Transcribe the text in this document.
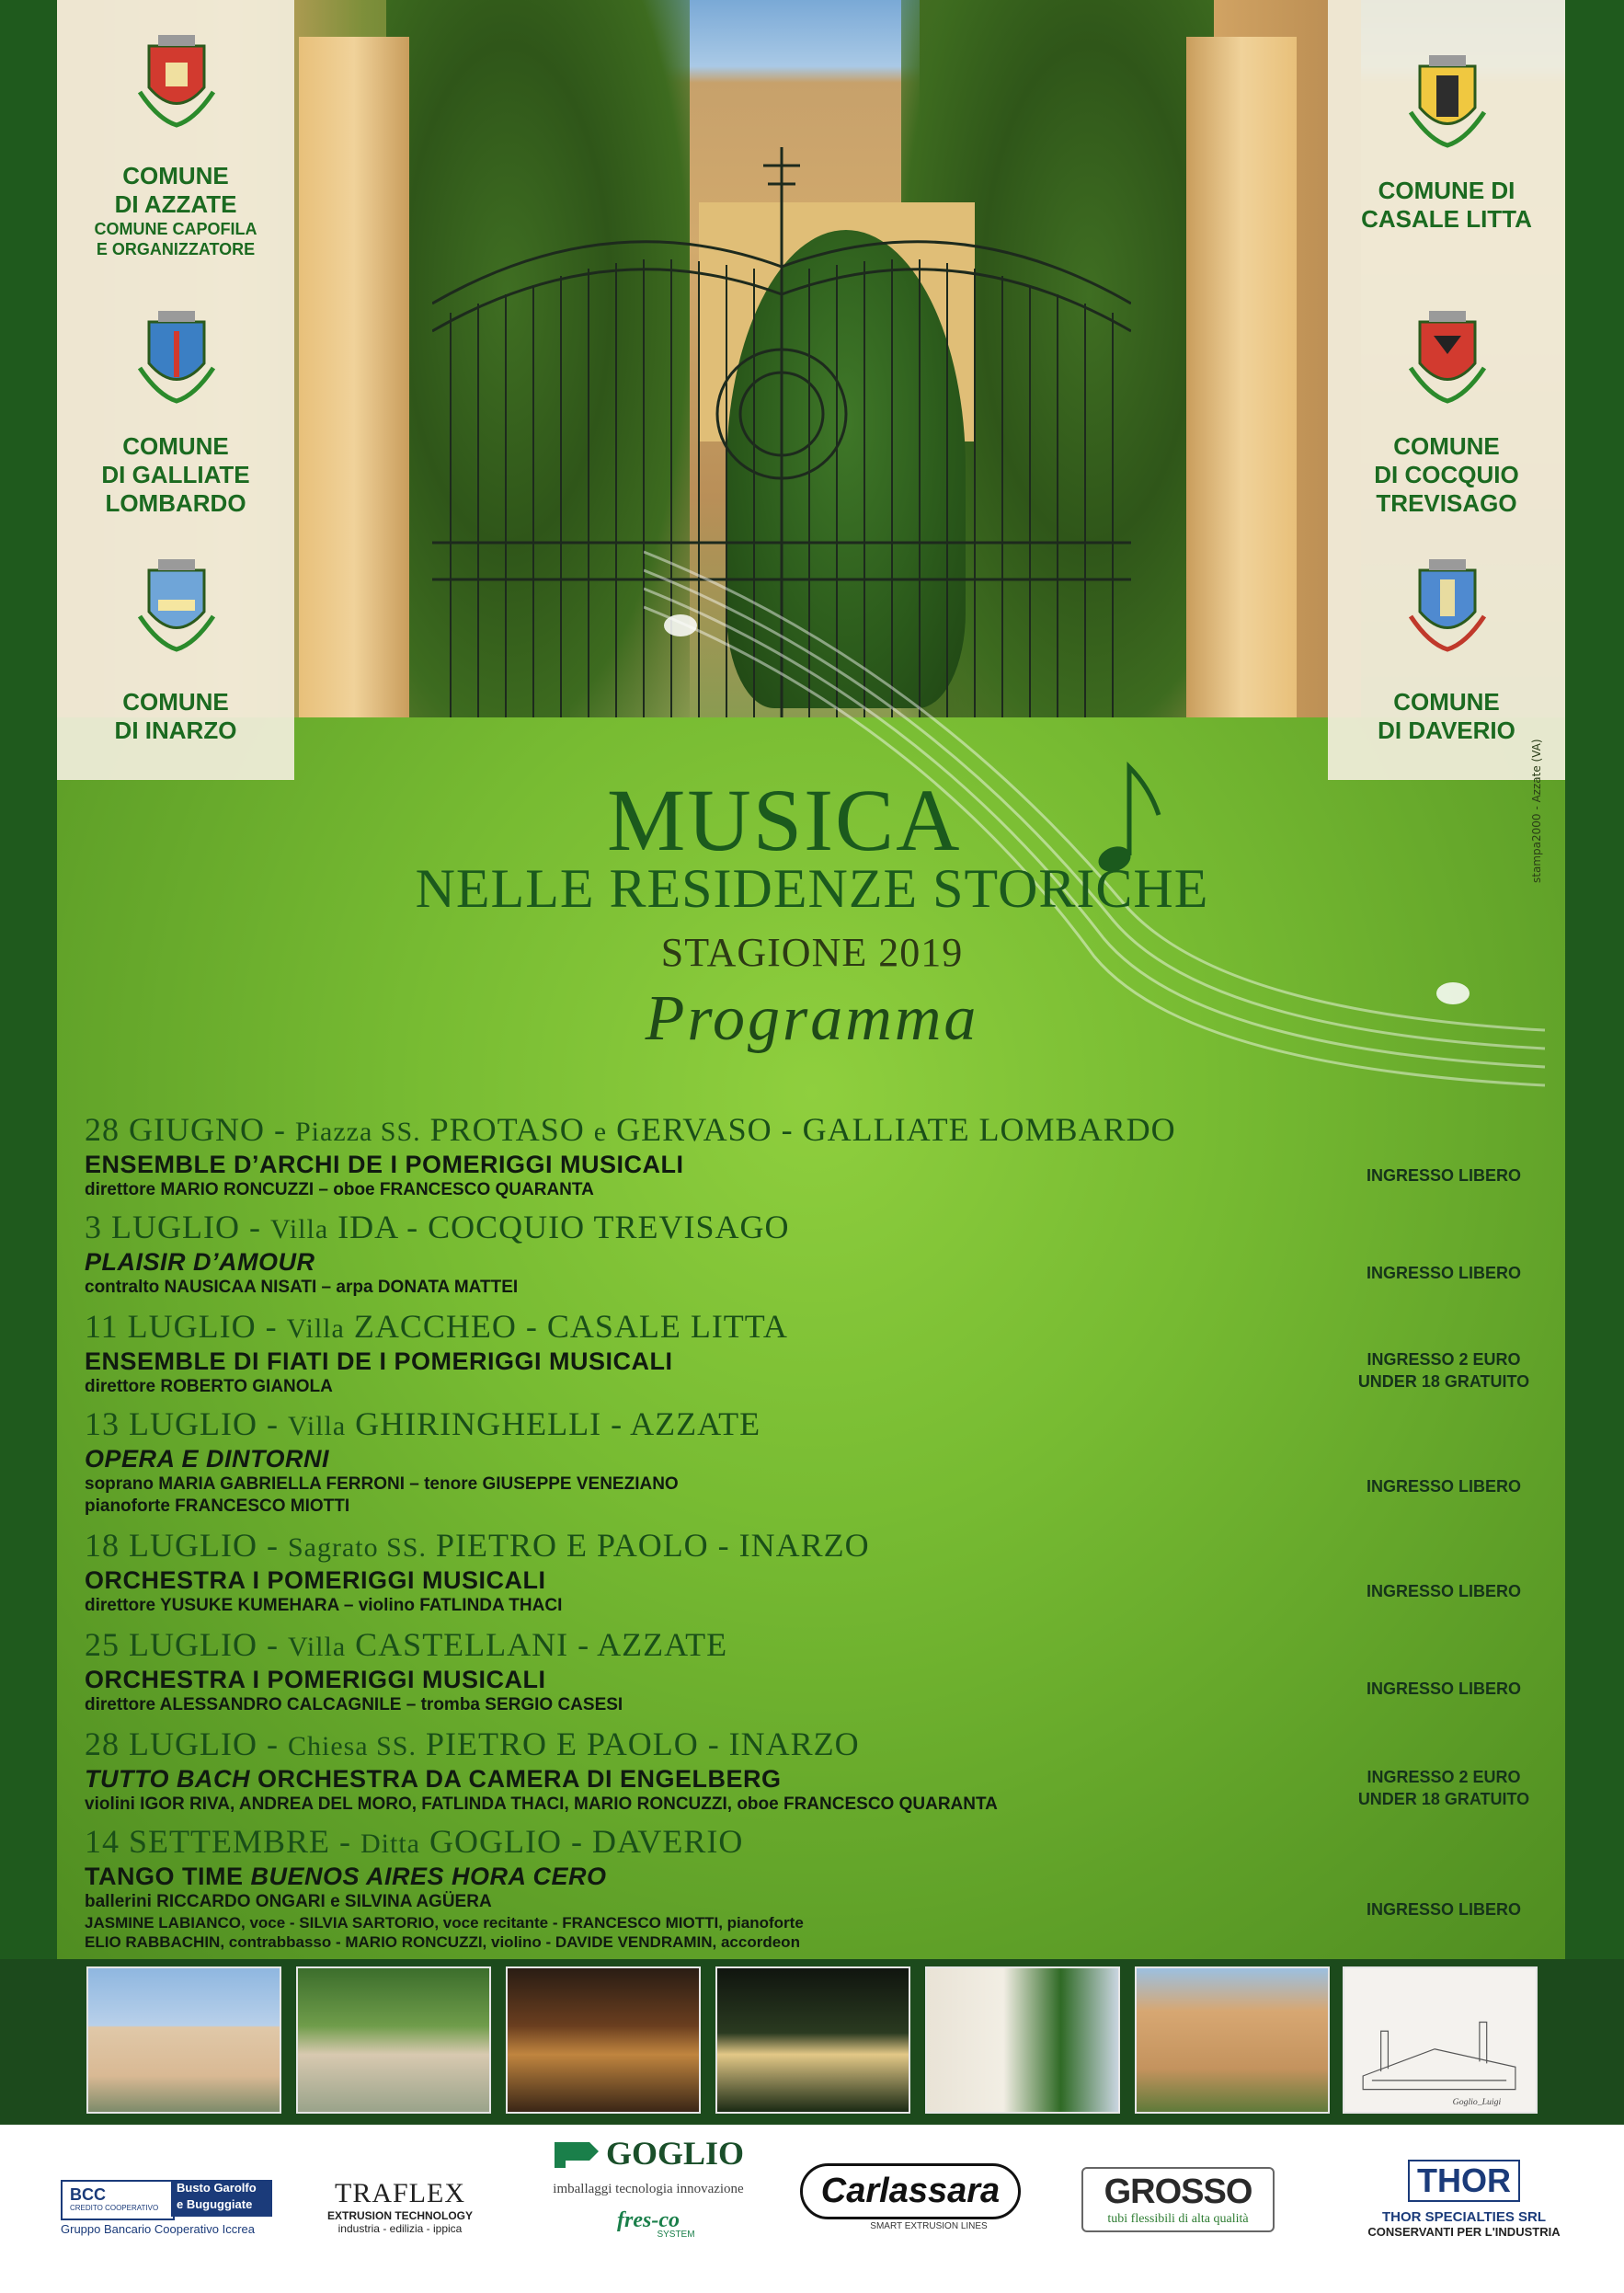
COMUNE
DI AZZATE
COMUNE CAPOFILA
E ORGANIZZATORE
COMUNE
DI GALLIATE
LOMBARDO
COMUNE
DI INARZO
COMUNE DI
CASALE LITTA
COMUNE
DI COCQUIO
TREVISAGO
COMUNE
DI DAVERIO
MUSICA
NELLE RESIDENZE STORICHE
STAGIONE 2019
Programma
stampa2000 - Azzate (VA)
28 GIUGNO - Piazza SS. PROTASO e GERVASO - GALLIATE LOMBARDO
ENSEMBLE D’ARCHI DE I POMERIGGI MUSICALI
direttore MARIO RONCUZZI – oboe FRANCESCO QUARANTA
INGRESSO LIBERO
3 LUGLIO - Villa IDA - COCQUIO TREVISAGO
PLAISIR D’AMOUR
contralto NAUSICAA NISATI – arpa DONATA MATTEI
INGRESSO LIBERO
11 LUGLIO - Villa ZACCHEO - CASALE LITTA
ENSEMBLE DI FIATI DE I POMERIGGI MUSICALI
direttore ROBERTO GIANOLA
INGRESSO 2 EURO
UNDER 18 GRATUITO
13 LUGLIO - Villa GHIRINGHELLI - AZZATE
OPERA E DINTORNI
soprano MARIA GABRIELLA FERRONI – tenore GIUSEPPE VENEZIANO
pianoforte FRANCESCO MIOTTI
INGRESSO LIBERO
18 LUGLIO - Sagrato SS. PIETRO E PAOLO - INARZO
ORCHESTRA I POMERIGGI MUSICALI
direttore YUSUKE KUMEHARA – violino FATLINDA THACI
INGRESSO LIBERO
25 LUGLIO - Villa CASTELLANI - AZZATE
ORCHESTRA I POMERIGGI MUSICALI
direttore ALESSANDRO CALCAGNILE – tromba SERGIO CASESI
INGRESSO LIBERO
28 LUGLIO - Chiesa SS. PIETRO E PAOLO - INARZO
TUTTO BACH ORCHESTRA DA CAMERA DI ENGELBERG
violini IGOR RIVA, ANDREA DEL MORO, FATLINDA THACI, MARIO RONCUZZI, oboe FRANCESCO QUARANTA
INGRESSO 2 EURO
UNDER 18 GRATUITO
14 SETTEMBRE - Ditta GOGLIO - DAVERIO
TANGO TIME BUENOS AIRES HORA CERO
ballerini RICCARDO ONGARI e SILVINA AGÜERA
JASMINE LABIANCO, voce - SILVIA SARTORIO, voce recitante - FRANCESCO MIOTTI, pianoforte
ELIO RABBACHIN, contrabbasso - MARIO RONCUZZI, violino - DAVIDE VENDRAMIN, accordeon
INGRESSO LIBERO
Goglio_Luigi
BCC
CREDITO COOPERATIVO
Busto Garolfo
e Buguggiate
Gruppo Bancario Cooperativo Iccrea
TRAFLEX
EXTRUSION TECHNOLOGY
industria - edilizia - ippica
GOGLIO
imballaggi tecnologia innovazione
fres-co
SYSTEM
Carlassara
SMART EXTRUSION LINES
GROSSO
tubi flessibili di alta qualità
THOR
THOR SPECIALTIES SRL
CONSERVANTI PER L'INDUSTRIA
